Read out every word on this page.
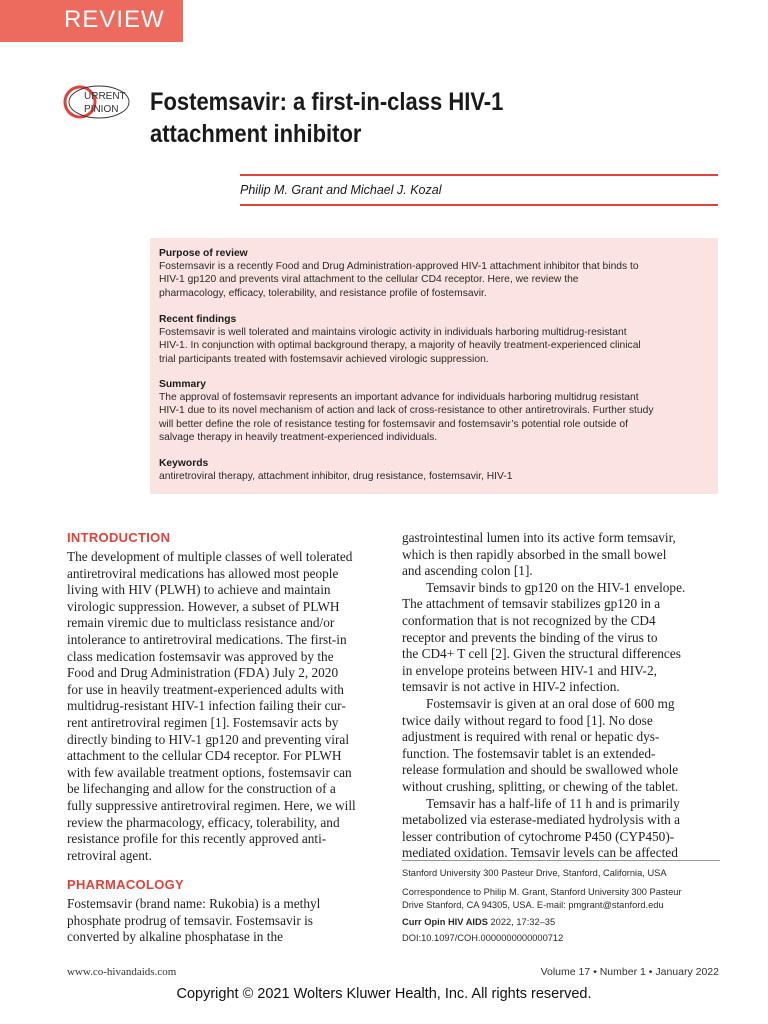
REVIEW
URRENT
PINION Fostemsavir: a first-in-class HIV-1
attachment inhibitor
Philip M. Grant and Michael J. Kozal
Purpose of review
Fostemsavir is a recently Food and Drug Administration-approved HIV-1 attachment inhibitor that binds to
HIV-1 gp120 and prevents viral attachment to the cellular CD4 receptor. Here, we review the
pharmacology, efficacy, tolerability, and resistance profile of fostemsavir.
Recent findings
Fostemsavir is well tolerated and maintains virologic activity in individuals harboring multidrug-resistant
HIV-1. In conjunction with optimal background therapy, a majority of heavily treatment-experienced clinical
trial participants treated with fostemsavir achieved virologic suppression.
Summary
The approval of fostemsavir represents an important advance for individuals harboring multidrug resistant
HIV-1 due to its novel mechanism of action and lack of cross-resistance to other antiretrovirals. Further study
will better define the role of resistance testing for fostemsavir and fostemsavir’s potential role outside of
salvage therapy in heavily treatment-experienced individuals.
Keywords
antiretroviral therapy, attachment inhibitor, drug resistance, fostemsavir, HIV-1
INTRODUCTION
The development of multiple classes of well tolerated
antiretroviral medications has allowed most people
living with HIV (PLWH) to achieve and maintain
virologic suppression. However, a subset of PLWH
remain viremic due to multiclass resistance and/or
intolerance to antiretroviral medications. The first-in
class medication fostemsavir was approved by the
Food and Drug Administration (FDA) July 2, 2020
for use in heavily treatment-experienced adults with
multidrug-resistant HIV-1 infection failing their cur-
rent antiretroviral regimen [1]. Fostemsavir acts by
directly binding to HIV-1 gp120 and preventing viral
attachment to the cellular CD4 receptor. For PLWH
with few available treatment options, fostemsavir can
be lifechanging and allow for the construction of a
fully suppressive antiretroviral regimen. Here, we will
review the pharmacology, efficacy, tolerability, and
resistance profile for this recently approved anti-
retroviral agent.
PHARMACOLOGY
Fostemsavir (brand name: Rukobia) is a methyl
phosphate prodrug of temsavir. Fostemsavir is
converted by alkaline phosphatase in the
gastrointestinal lumen into its active form temsavir,
which is then rapidly absorbed in the small bowel
and ascending colon [1].
Temsavir binds to gp120 on the HIV-1 envelope.
The attachment of temsavir stabilizes gp120 in a
conformation that is not recognized by the CD4
receptor and prevents the binding of the virus to
the CD4+ T cell [2]. Given the structural differences
in envelope proteins between HIV-1 and HIV-2,
temsavir is not active in HIV-2 infection.
Fostemsavir is given at an oral dose of 600 mg
twice daily without regard to food [1]. No dose
adjustment is required with renal or hepatic dys-
function. The fostemsavir tablet is an extended-
release formulation and should be swallowed whole
without crushing, splitting, or chewing of the tablet.
Temsavir has a half-life of 11 h and is primarily
metabolized via esterase-mediated hydrolysis with a
lesser contribution of cytochrome P450 (CYP450)-
mediated oxidation. Temsavir levels can be affected
Stanford University 300 Pasteur Drive, Stanford, California, USA
Correspondence to Philip M. Grant, Stanford University 300 Pasteur
Drive Stanford, CA 94305, USA. E-mail: pmgrant@stanford.edu
Curr Opin HIV AIDS 2022, 17:32–35
DOI:10.1097/COH.0000000000000712
www.co-hivandaids.com	Volume 17 • Number 1 • January 2022
Copyright © 2021 Wolters Kluwer Health, Inc. All rights reserved.
